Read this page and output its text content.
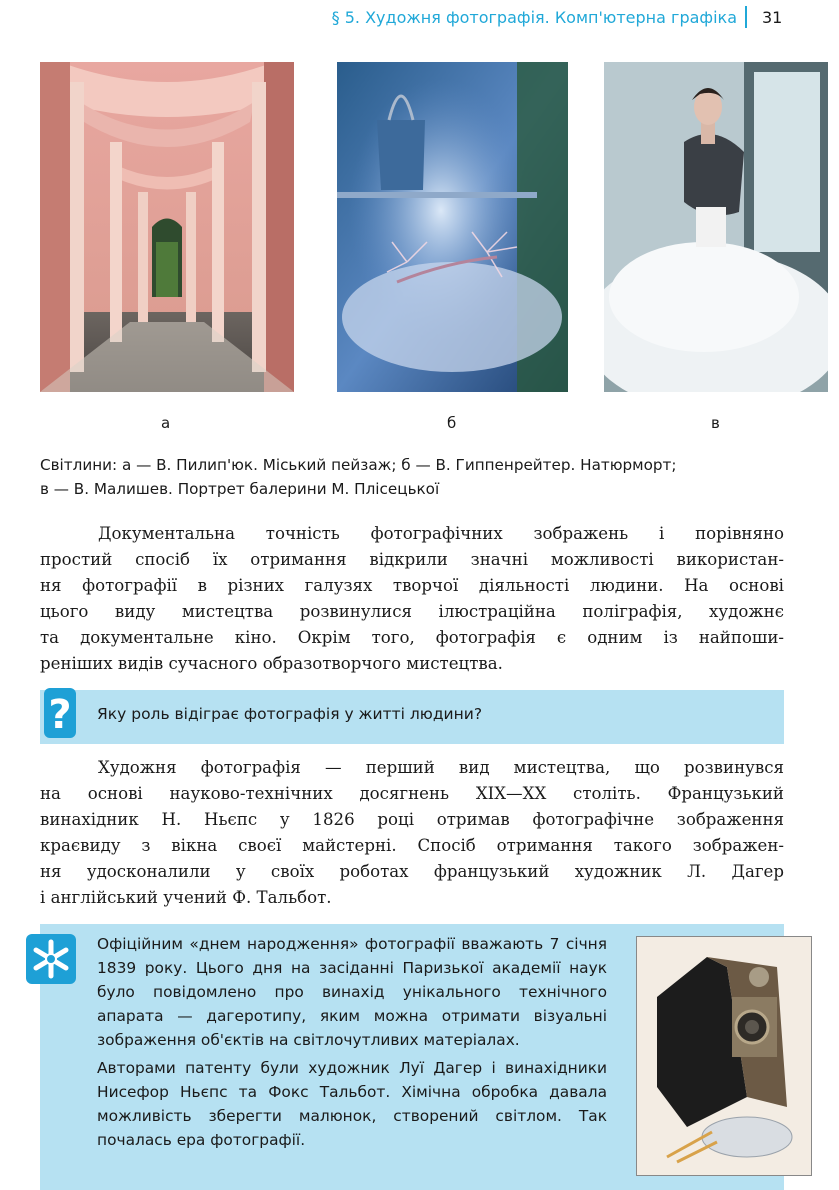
§ 5. Художня фотографія. Комп'ютерна графіка 31
а	б	в
Світлини: а — В. Пилип'юк. Міський пейзаж; б — В. Гиппенрейтер. Натюрморт;
в — В. Малишев. Портрет балерини М. Плісецької
Документальна точність фотографічних зображень і порівняно
простий спосіб їх отримання відкрили значні можливості використан-
ня фотографії в різних галузях творчої діяльності людини. На основі
цього виду мистецтва розвинулися ілюстраційна поліграфія, художнє
та документальне кіно. Окрім того, фотографія є одним із найпоши-
реніших видів сучасного образотворчого мистецтва.
? Яку роль відіграє фотографія у житті людини?
Художня фотографія — перший вид мистецтва, що розвинувся
на основі науково-технічних досягнень XIX—XX століть. Французький
винахідник Н. Ньєпс у 1826 році отримав фотографічне зображення
краєвиду з вікна своєї майстерні. Спосіб отримання такого зображен-
ня удосконалили у своїх роботах французький художник Л. Дагер
і англійський учений Ф. Тальбот.

Офіційним «днем народження» фотографії вважають 7 січня 1839 року. Цього дня на засіданні Паризької академії наук було повідомлено про винахід унікального технічного апарата — дагеротипу, яким можна отримати візуальні зображення об'єктів на світлочутливих матеріалах.

Авторами патенту були художник Луї Дагер і винахідники Нисефор Ньєпс та Фокс Тальбот. Хімічна обробка давала можливість зберегти малюнок, створений світлом. Так почалась ера фотографії.
